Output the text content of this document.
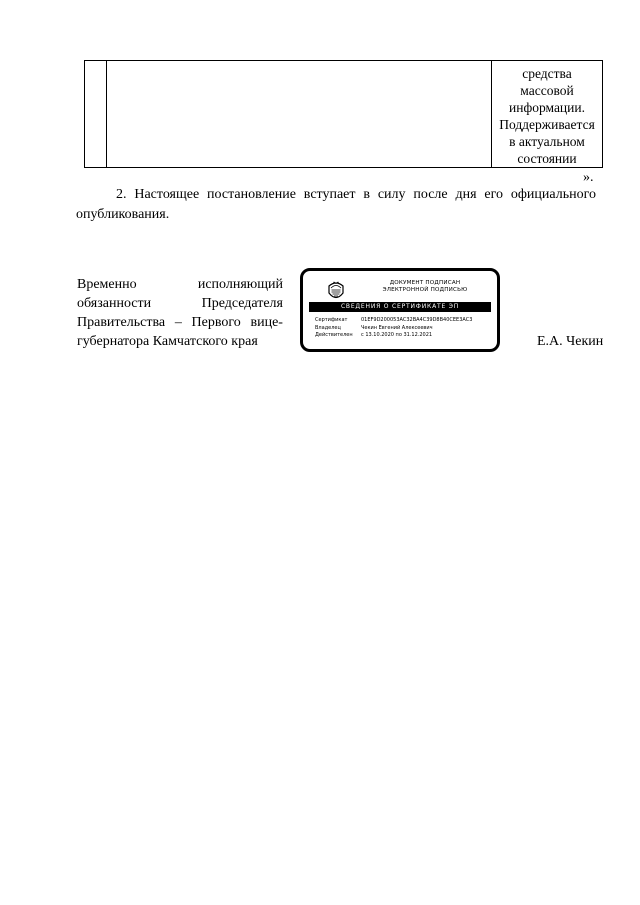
средства
массовой
информации.
Поддерживается
в актуальном
состоянии
».

2. Настоящее постановление вступает в силу после дня его официального опубликования.

Временно	исполняющий
обязанности	Председателя
Правительства – Первого вице-
губернатора Камчатского края
ДОКУМЕНТ ПОДПИСАН
ЭЛЕКТРОННОЙ ПОДПИСЬЮ
СВЕДЕНИЯ О СЕРТИФИКАТЕ ЭП
Сертификат	01EF9D200053AC32BA4C39D8B40CEE3AC3
Владелец	Чекин Евгений Алексеевич
Действителен	с 13.10.2020 по 31.12.2021	Е.А. Чекин
